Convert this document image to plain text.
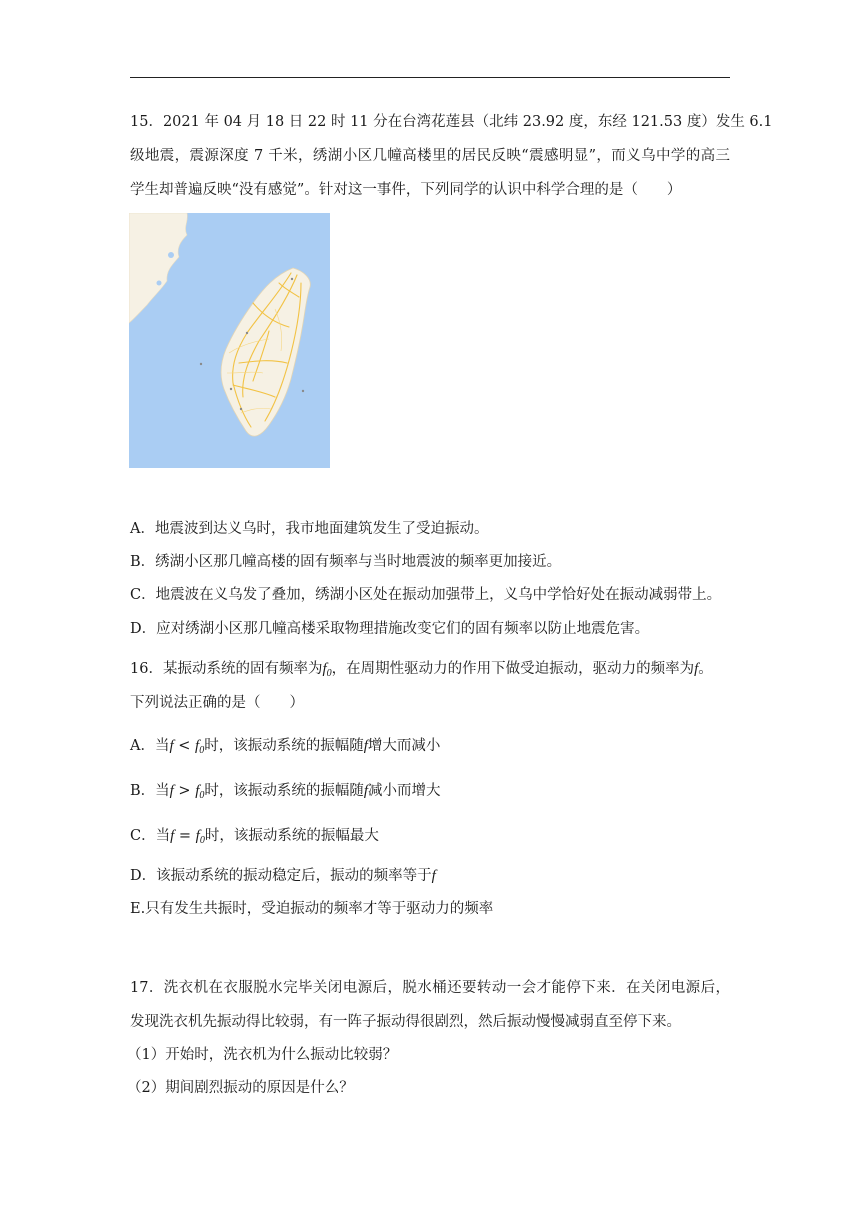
15．2021 年 04 月 18 日 22 时 11 分在台湾花莲县（北纬 23.92 度，东经 121.53 度）发生 6.1
级地震，震源深度 7 千米，绣湖小区几幢高楼里的居民反映“震感明显”，而义乌中学的高三
学生却普遍反映“没有感觉”。针对这一事件，下列同学的认识中科学合理的是（　　）
A．地震波到达义乌时，我市地面建筑发生了受迫振动。
B．绣湖小区那几幢高楼的固有频率与当时地震波的频率更加接近。
C．地震波在义乌发了叠加，绣湖小区处在振动加强带上，义乌中学恰好处在振动减弱带上。
D．应对绣湖小区那几幢高楼采取物理措施改变它们的固有频率以防止地震危害。
16．某振动系统的固有频率为$f_0$，在周期性驱动力的作用下做受迫振动，驱动力的频率为f。
下列说法正确的是（　　）
A．当$f < f_0$时，该振动系统的振幅随f增大而减小
B．当$f > f_0$时，该振动系统的振幅随f减小而增大
C．当$f = f_0$时，该振动系统的振幅最大
D．该振动系统的振动稳定后，振动的频率等于f
E.只有发生共振时，受迫振动的频率才等于驱动力的频率
17．洗衣机在衣服脱水完毕关闭电源后，脱水桶还要转动一会才能停下来．在关闭电源后，
发现洗衣机先振动得比较弱，有一阵子振动得很剧烈，然后振动慢慢减弱直至停下来。
（1）开始时，洗衣机为什么振动比较弱？
（2）期间剧烈振动的原因是什么？
